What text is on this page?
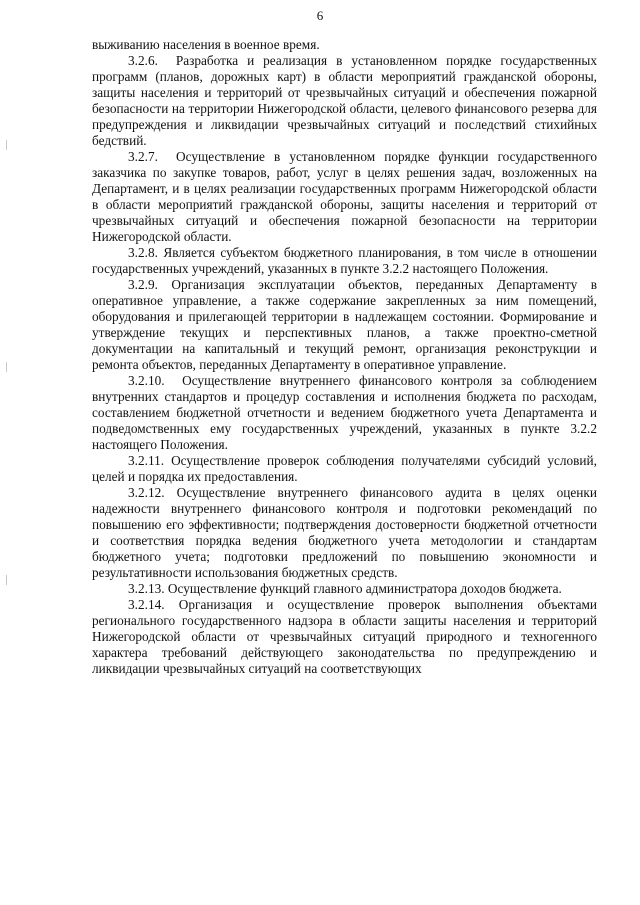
6

выживанию населения в военное время.

3.2.6.  Разработка и реализация в установленном порядке государственных программ (планов, дорожных карт) в области мероприятий гражданской обороны, защиты населения и территорий от чрезвычайных ситуаций и обеспечения пожарной безопасности на территории Нижегородской области, целевого финансового резерва для предупреждения и ликвидации чрезвычайных ситуаций и последствий стихийных бедствий.

3.2.7.  Осуществление в установленном порядке функции государственного заказчика по закупке товаров, работ, услуг в целях решения задач, возложенных на Департамент, и в целях реализации государственных программ Нижегородской области в области мероприятий гражданской обороны, защиты населения и территорий от чрезвычайных ситуаций и обеспечения пожарной безопасности на территории Нижегородской области.

3.2.8. Является субъектом бюджетного планирования, в том числе в отношении государственных учреждений, указанных в пункте 3.2.2 настоящего Положения.

3.2.9. Организация эксплуатации объектов, переданных Департаменту в оперативное управление, а также содержание закрепленных за ним помещений, оборудования и прилегающей территории в надлежащем состоянии. Формирование и утверждение текущих и перспективных планов, а также проектно-сметной документации на капитальный и текущий ремонт, организация реконструкции и ремонта объектов, переданных Департаменту в оперативное управление.

3.2.10.  Осуществление внутреннего финансового контроля за соблюдением внутренних стандартов и процедур составления и исполнения бюджета по расходам, составлением бюджетной отчетности и ведением бюджетного учета Департамента и подведомственных ему государственных учреждений, указанных в пункте 3.2.2 настоящего Положения.

3.2.11. Осуществление проверок соблюдения получателями субсидий условий, целей и порядка их предоставления.

3.2.12. Осуществление внутреннего финансового аудита в целях оценки надежности внутреннего финансового контроля и подготовки рекомендаций по повышению его эффективности; подтверждения достоверности бюджетной отчетности и соответствия порядка ведения бюджетного учета методологии и стандартам бюджетного учета; подготовки предложений по повышению экономности и результативности использования бюджетных средств.

3.2.13. Осуществление функций главного администратора доходов бюджета.

3.2.14. Организация и осуществление проверок выполнения объектами регионального государственного надзора в области защиты населения и территорий Нижегородской области от чрезвычайных ситуаций природного и техногенного характера требований действующего законодательства по предупреждению и ликвидации чрезвычайных ситуаций на соответствующих
